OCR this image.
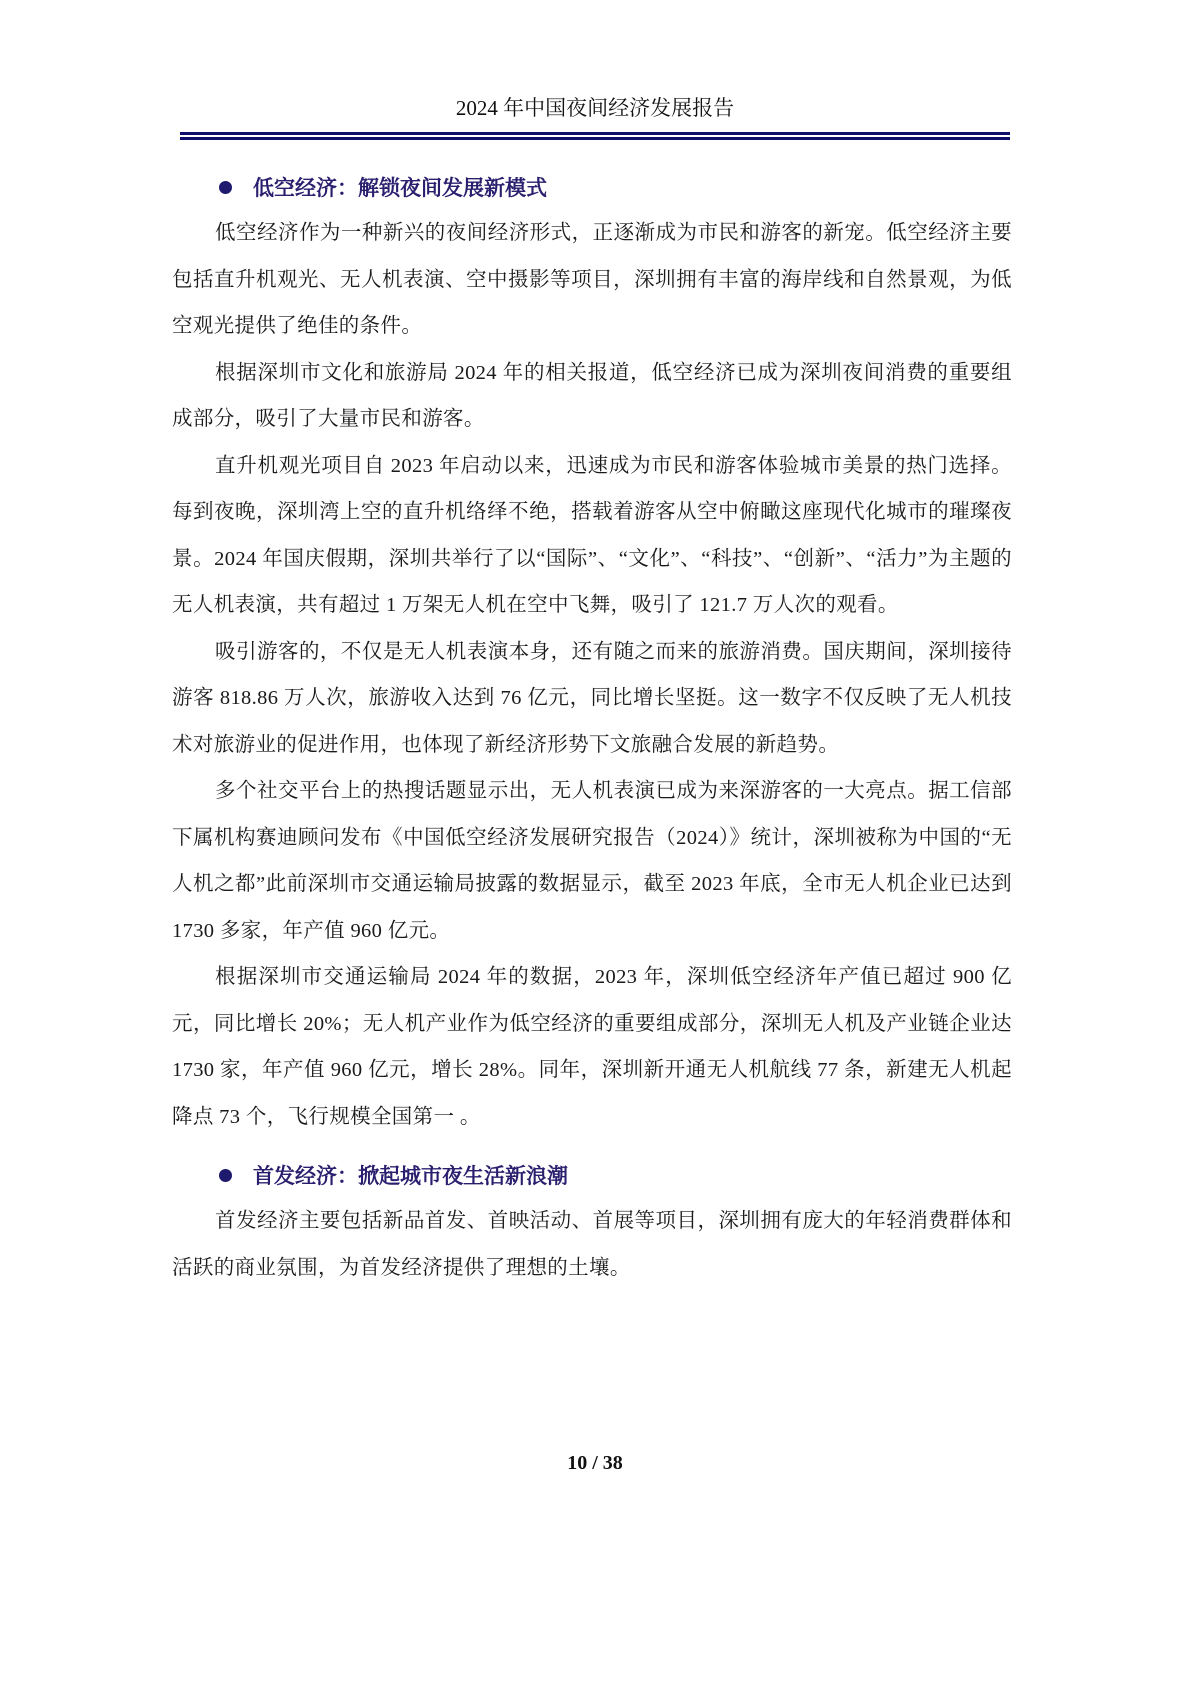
2024 年中国夜间经济发展报告
低空经济：解锁夜间发展新模式

低空经济作为一种新兴的夜间经济形式，正逐渐成为市民和游客的新宠。低空经济主要包括直升机观光、无人机表演、空中摄影等项目，深圳拥有丰富的海岸线和自然景观，为低空观光提供了绝佳的条件。

根据深圳市文化和旅游局 2024 年的相关报道，低空经济已成为深圳夜间消费的重要组成部分，吸引了大量市民和游客。

直升机观光项目自 2023 年启动以来，迅速成为市民和游客体验城市美景的热门选择。每到夜晚，深圳湾上空的直升机络绎不绝，搭载着游客从空中俯瞰这座现代化城市的璀璨夜景。2024 年国庆假期，深圳共举行了以“国际”、“文化”、“科技”、“创新”、“活力”为主题的无人机表演，共有超过 1 万架无人机在空中飞舞，吸引了 121.7 万人次的观看。

吸引游客的，不仅是无人机表演本身，还有随之而来的旅游消费。国庆期间，深圳接待游客 818.86 万人次，旅游收入达到 76 亿元，同比增长坚挺。这一数字不仅反映了无人机技术对旅游业的促进作用，也体现了新经济形势下文旅融合发展的新趋势。

多个社交平台上的热搜话题显示出，无人机表演已成为来深游客的一大亮点。据工信部下属机构赛迪顾问发布《中国低空经济发展研究报告（2024）》统计，深圳被称为中国的“无人机之都”此前深圳市交通运输局披露的数据显示，截至 2023 年底，全市无人机企业已达到 1730 多家，年产值 960 亿元。

根据深圳市交通运输局 2024 年的数据，2023 年，深圳低空经济年产值已超过 900 亿元，同比增长 20%；无人机产业作为低空经济的重要组成部分，深圳无人机及产业链企业达 1730 家，年产值 960 亿元，增长 28%。同年，深圳新开通无人机航线 77 条，新建无人机起降点 73 个，飞行规模全国第一 。

首发经济：掀起城市夜生活新浪潮

首发经济主要包括新品首发、首映活动、首展等项目，深圳拥有庞大的年轻消费群体和活跃的商业氛围，为首发经济提供了理想的土壤。

10 / 38
